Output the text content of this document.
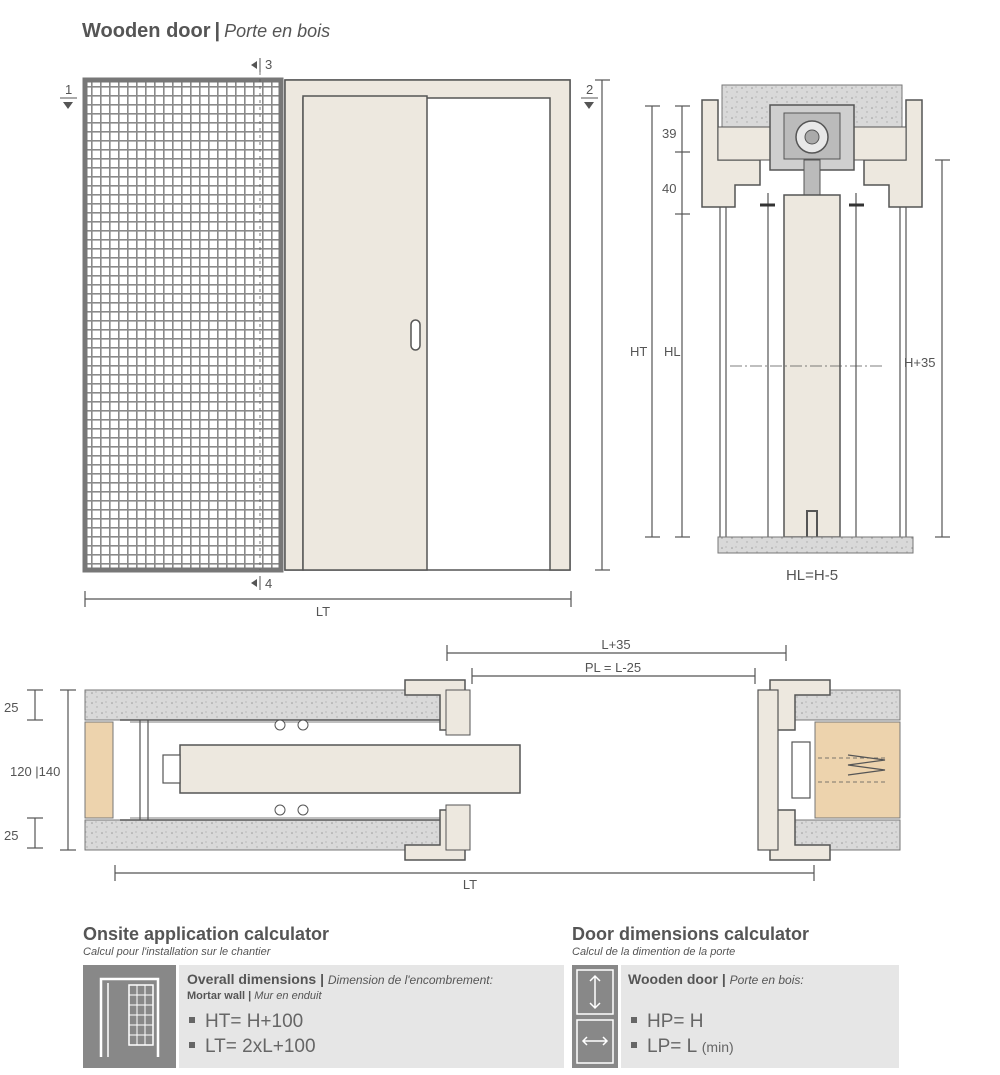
Wooden door | Porte en bois
1	2
3
4
LT
39
40
HT HL
H+35
HL=H-5
L+35
PL = L-25
25
120 |140
25
LT
Onsite application calculator
Calcul pour l'installation sur le chantier
Overall dimensions | Dimension de l'encombrement:
Mortar wall | Mur en enduit
HT= H+100
LT= 2xL+100
Door dimensions calculator
Calcul de la dimention de la porte
Wooden door | Porte en bois:
HP= H
LP= L (min)
